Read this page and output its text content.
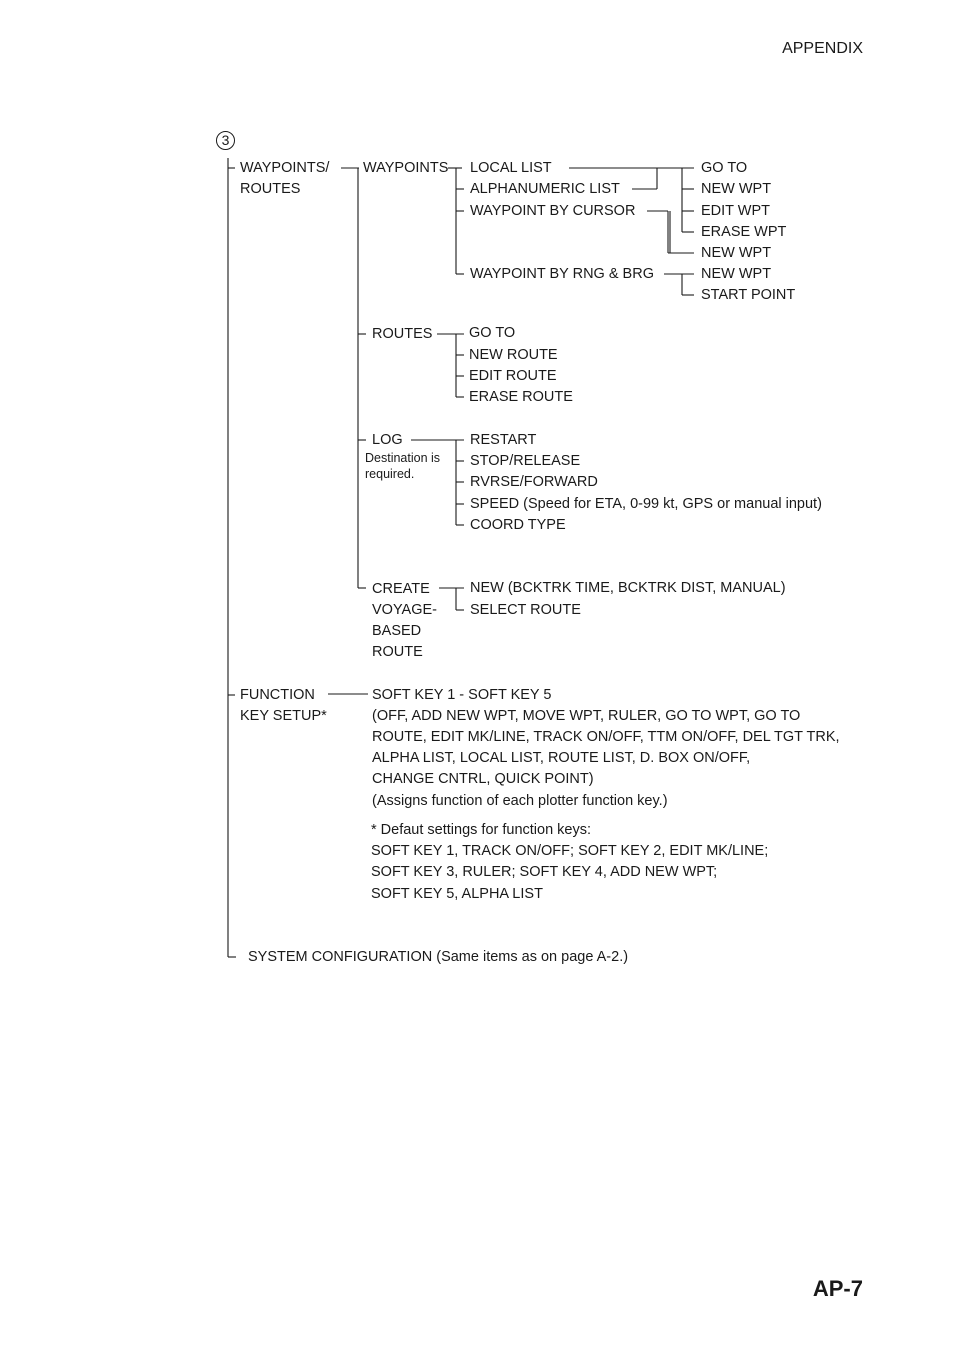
APPENDIX
3
WAYPOINTS/
ROUTES
WAYPOINTS LOCAL LIST
ALPHANUMERIC LIST
WAYPOINT BY CURSOR
WAYPOINT BY RNG & BRG
GO TO
NEW WPT
EDIT WPT
ERASE WPT
NEW WPT
NEW WPT
START POINT
ROUTES	GO TO
NEW ROUTE
EDIT ROUTE
ERASE ROUTE
LOG
Destination is
required.
RESTART
STOP/RELEASE
RVRSE/FORWARD
SPEED (Speed for ETA, 0-99 kt, GPS or manual input)
COORD TYPE
CREATE
VOYAGE-
BASED
ROUTE
NEW (BCKTRK TIME, BCKTRK DIST, MANUAL)
SELECT ROUTE
FUNCTION
KEY SETUP*
SOFT KEY 1 - SOFT KEY 5
(OFF, ADD NEW WPT, MOVE WPT, RULER, GO TO WPT, GO TO
ROUTE, EDIT MK/LINE, TRACK ON/OFF, TTM ON/OFF, DEL TGT TRK,
ALPHA LIST, LOCAL LIST, ROUTE LIST, D. BOX ON/OFF,
CHANGE CNTRL, QUICK POINT)
(Assigns function of each plotter function key.)
* Defaut settings for function keys:
SOFT KEY 1, TRACK ON/OFF; SOFT KEY 2, EDIT MK/LINE;
SOFT KEY 3, RULER; SOFT KEY 4, ADD NEW WPT;
SOFT KEY 5, ALPHA LIST
SYSTEM CONFIGURATION (Same items as on page A-2.)
AP-7
